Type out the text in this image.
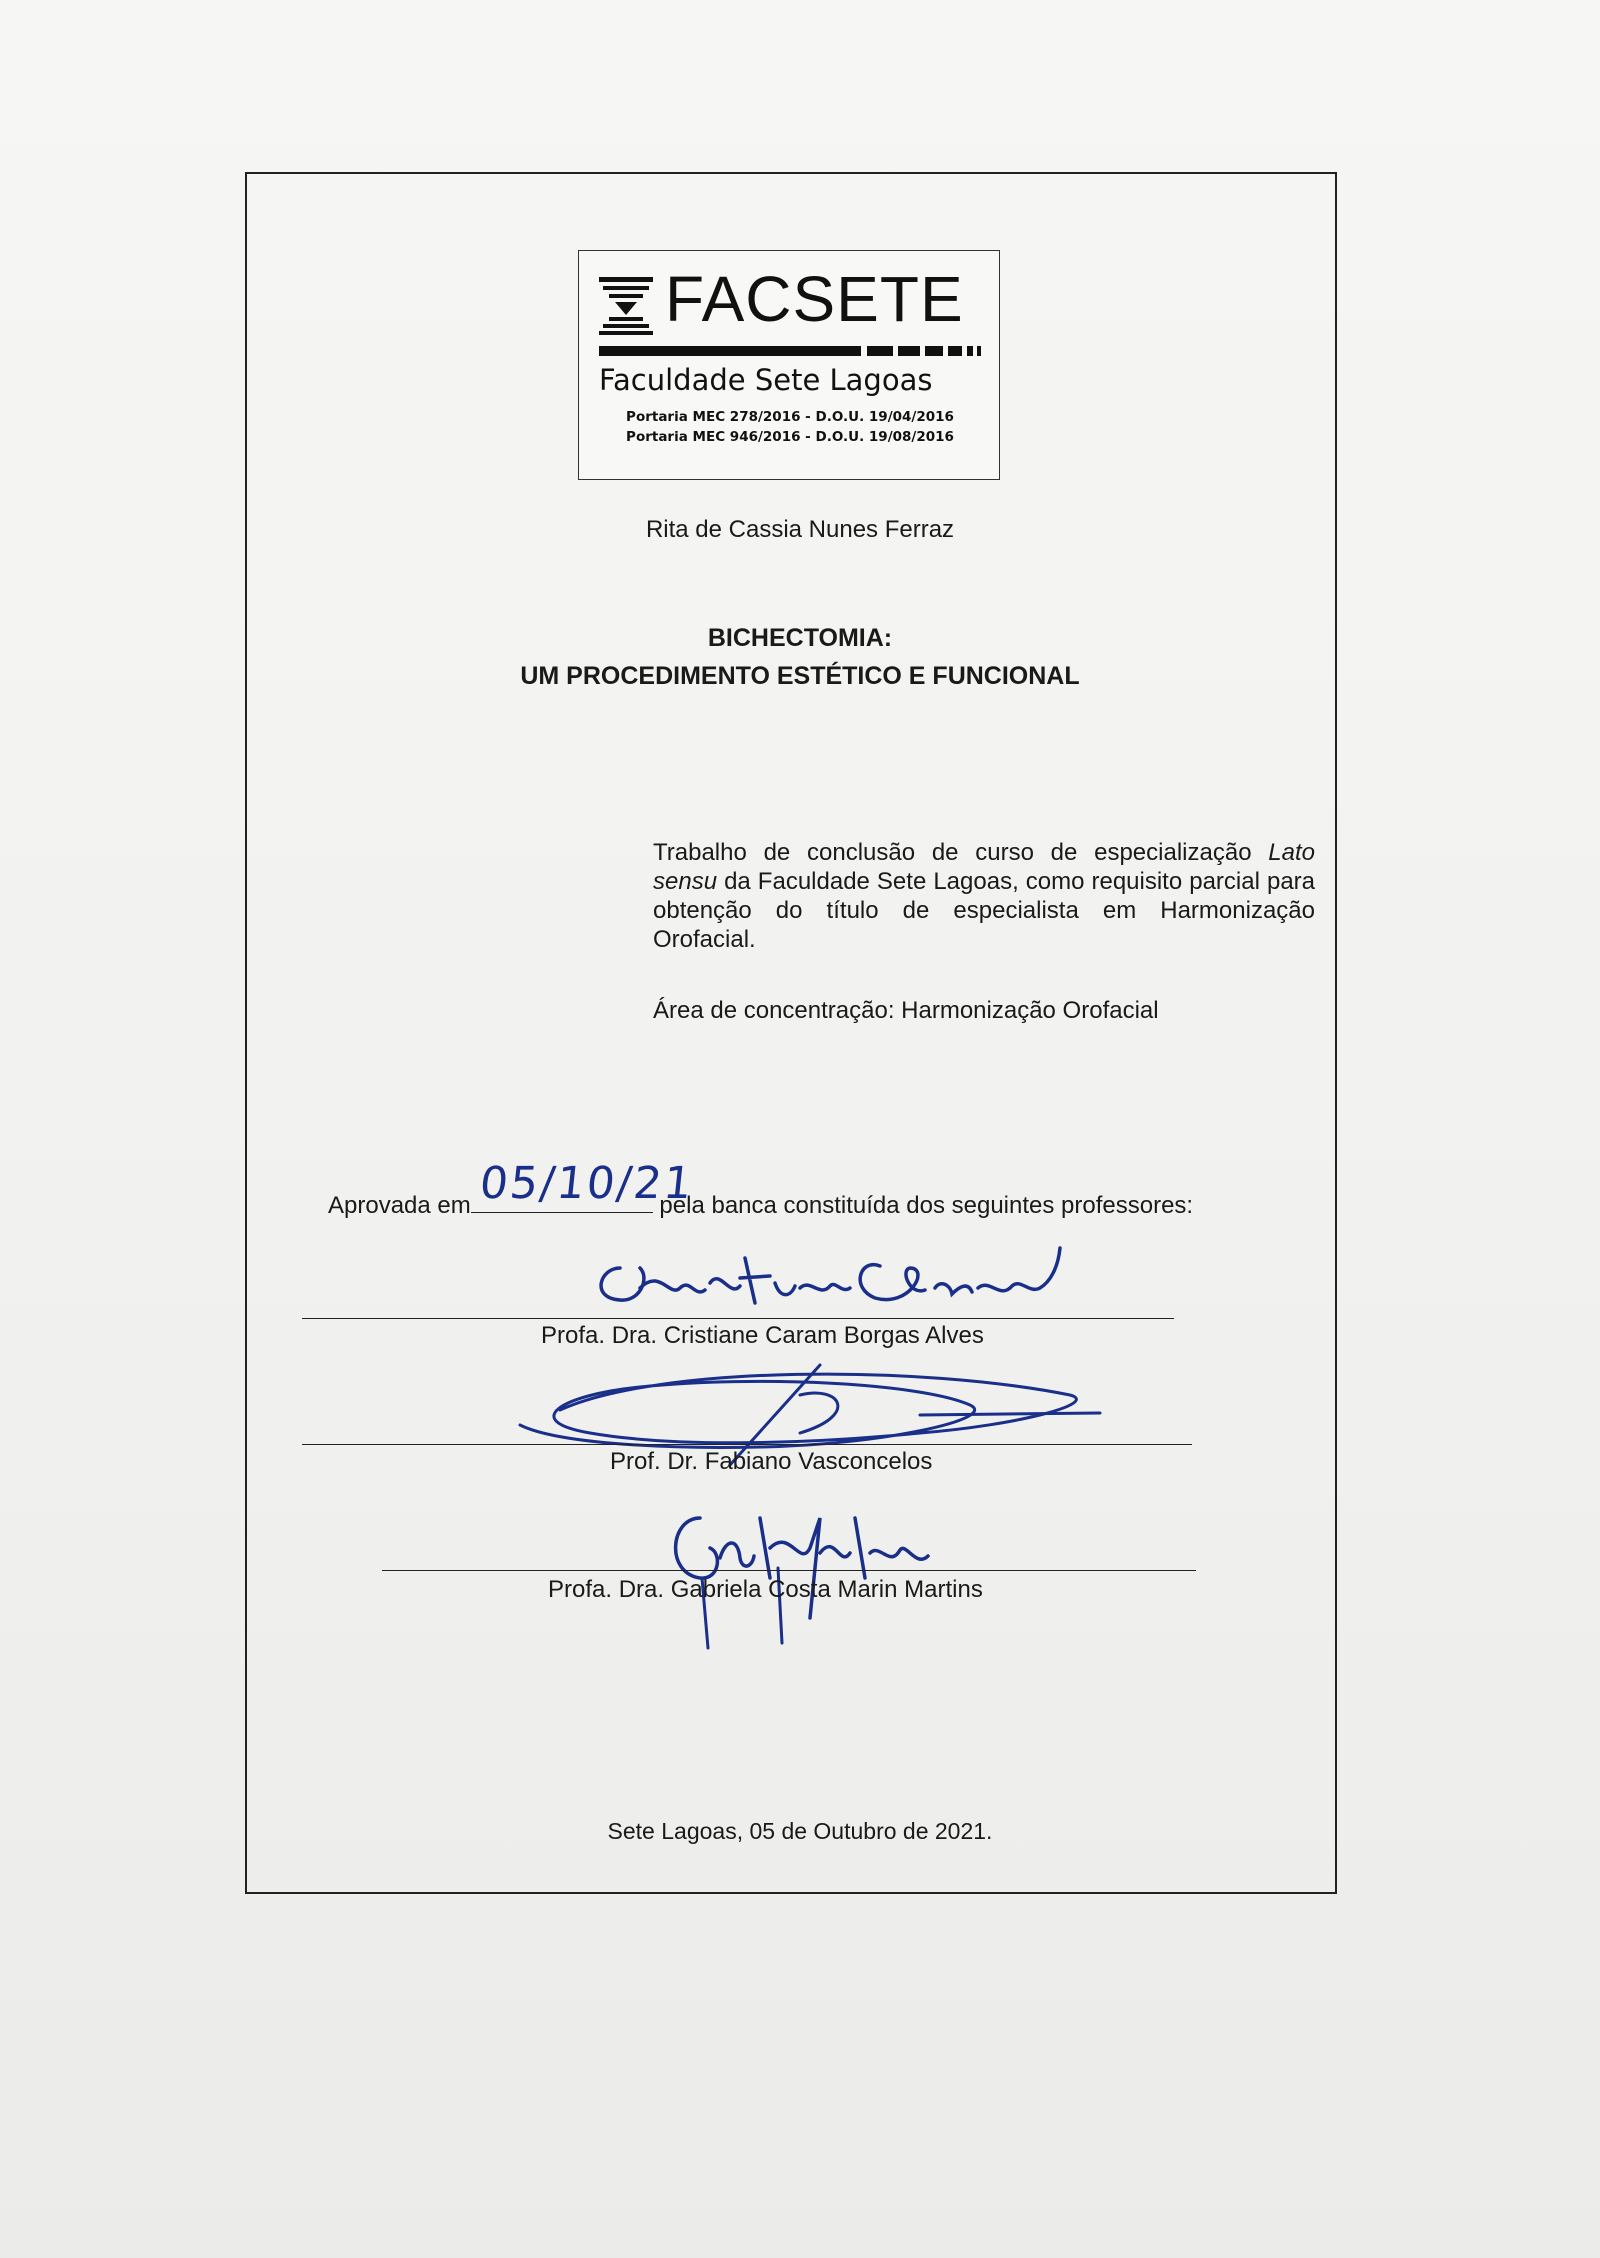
FACSETE
Faculdade Sete Lagoas
Portaria MEC 278/2016 - D.O.U. 19/04/2016
Portaria MEC 946/2016 - D.O.U. 19/08/2016
Rita de Cassia Nunes Ferraz
BICHECTOMIA:
UM PROCEDIMENTO ESTÉTICO E FUNCIONAL
Trabalho de conclusão de curso de especialização Lato sensu da Faculdade Sete Lagoas, como requisito parcial para obtenção do título de especialista em Harmonização Orofacial.
Área de concentração: Harmonização Orofacial
Aprovada em	pela banca constituída dos seguintes professores:
05/10/21
Profa. Dra. Cristiane Caram Borgas Alves
Prof. Dr. Fabiano Vasconcelos
Profa. Dra. Gabriela Costa Marin Martins
Sete Lagoas, 05 de Outubro de 2021.
